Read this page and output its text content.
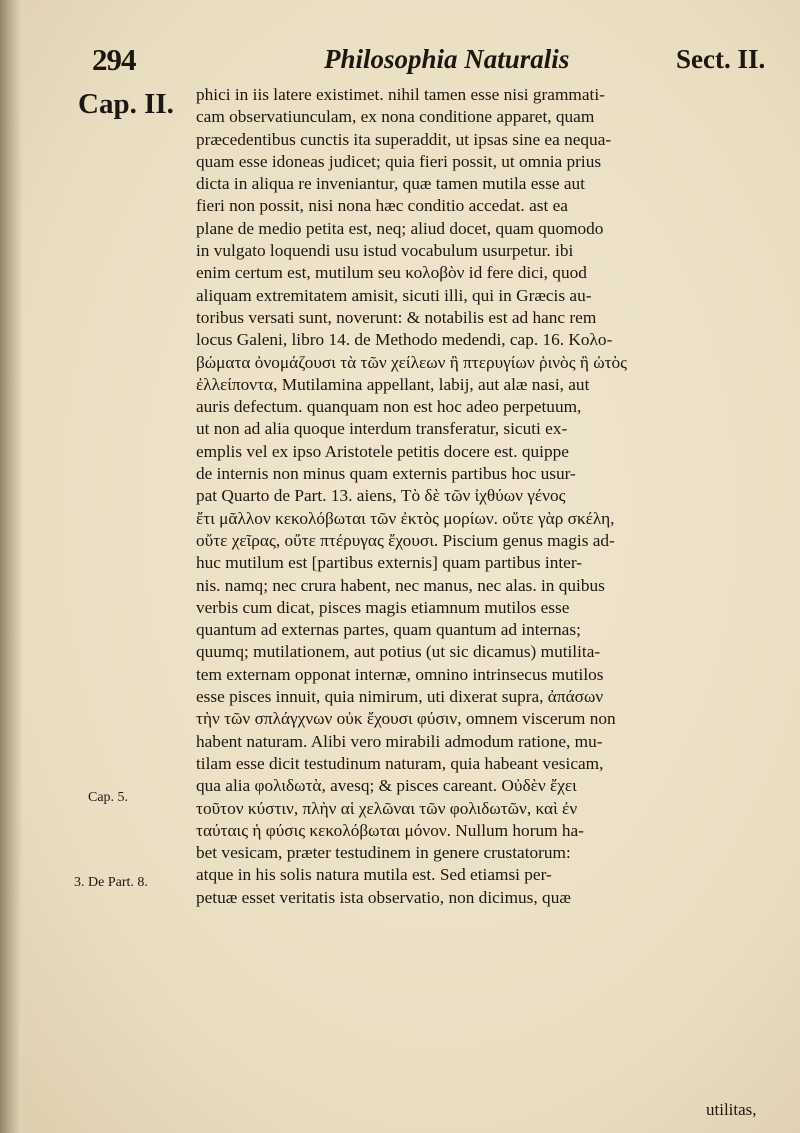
294	Philosophia Naturalis	Sect. II.
Cap. II.
Cap. 5.
3. De Part. 8.
phici in iis latere existimet. nihil tamen esse nisi grammati-
cam observatiunculam, ex nona conditione apparet, quam
præcedentibus cunctis ita superaddit, ut ipsas sine ea nequa-
quam esse idoneas judicet; quia fieri possit, ut omnia prius
dicta in aliqua re inveniantur, quæ tamen mutila esse aut
fieri non possit, nisi nona hæc conditio accedat. ast ea
plane de medio petita est, neq; aliud docet, quam quomodo
in vulgato loquendi usu istud vocabulum usurpetur. ibi
enim certum est, mutilum seu κολοβὸν id fere dici, quod
aliquam extremitatem amisit, sicuti illi, qui in Græcis au-
toribus versati sunt, noverunt: & notabilis est ad hanc rem
locus Galeni, libro 14. de Methodo medendi, cap. 16. Κολο-
βώματα ὀνομάζουσι τὰ τῶν χείλεων ἢ πτερυγίων ῥινὸς ἢ ὠτὸς
ἐλλείποντα, Mutilamina appellant, labij, aut alæ nasi, aut
auris defectum. quanquam non est hoc adeo perpetuum,
ut non ad alia quoque interdum transferatur, sicuti ex-
emplis vel ex ipso Aristotele petitis docere est. quippe
de internis non minus quam externis partibus hoc usur-
pat Quarto de Part. 13. aiens, Τὸ δὲ τῶν ἰχθύων γένος
ἔτι μᾶλλον κεκολόβωται τῶν ἐκτὸς μορίων. οὔτε γὰρ σκέλη,
οὔτε χεῖρας, οὔτε πτέρυγας ἔχουσι. Piscium genus magis ad-
huc mutilum est [partibus externis] quam partibus inter-
nis. namq; nec crura habent, nec manus, nec alas. in quibus
verbis cum dicat, pisces magis etiamnum mutilos esse
quantum ad externas partes, quam quantum ad internas;
quumq; mutilationem, aut potius (ut sic dicamus) mutilita-
tem externam opponat internæ, omnino intrinsecus mutilos
esse pisces innuit, quia nimirum, uti dixerat supra, ἀπάσων
τὴν τῶν σπλάγχνων οὐκ ἔχουσι φύσιν, omnem viscerum non
habent naturam. Alibi vero mirabili admodum ratione, mu-
tilam esse dicit testudinum naturam, quia habeant vesicam,
qua alia φολιδωτὰ, avesq; & pisces careant. Οὐδὲν ἔχει
τοῦτον κύστιν, πλὴν αἱ χελῶναι τῶν φολιδωτῶν, καὶ ἐν
ταύταις ἡ φύσις κεκολόβωται μόνον. Nullum horum ha-
bet vesicam, præter testudinem in genere crustatorum:
atque in his solis natura mutila est. Sed etiamsi per-
petuæ esset veritatis ista observatio, non dicimus, quæ
utilitas,
